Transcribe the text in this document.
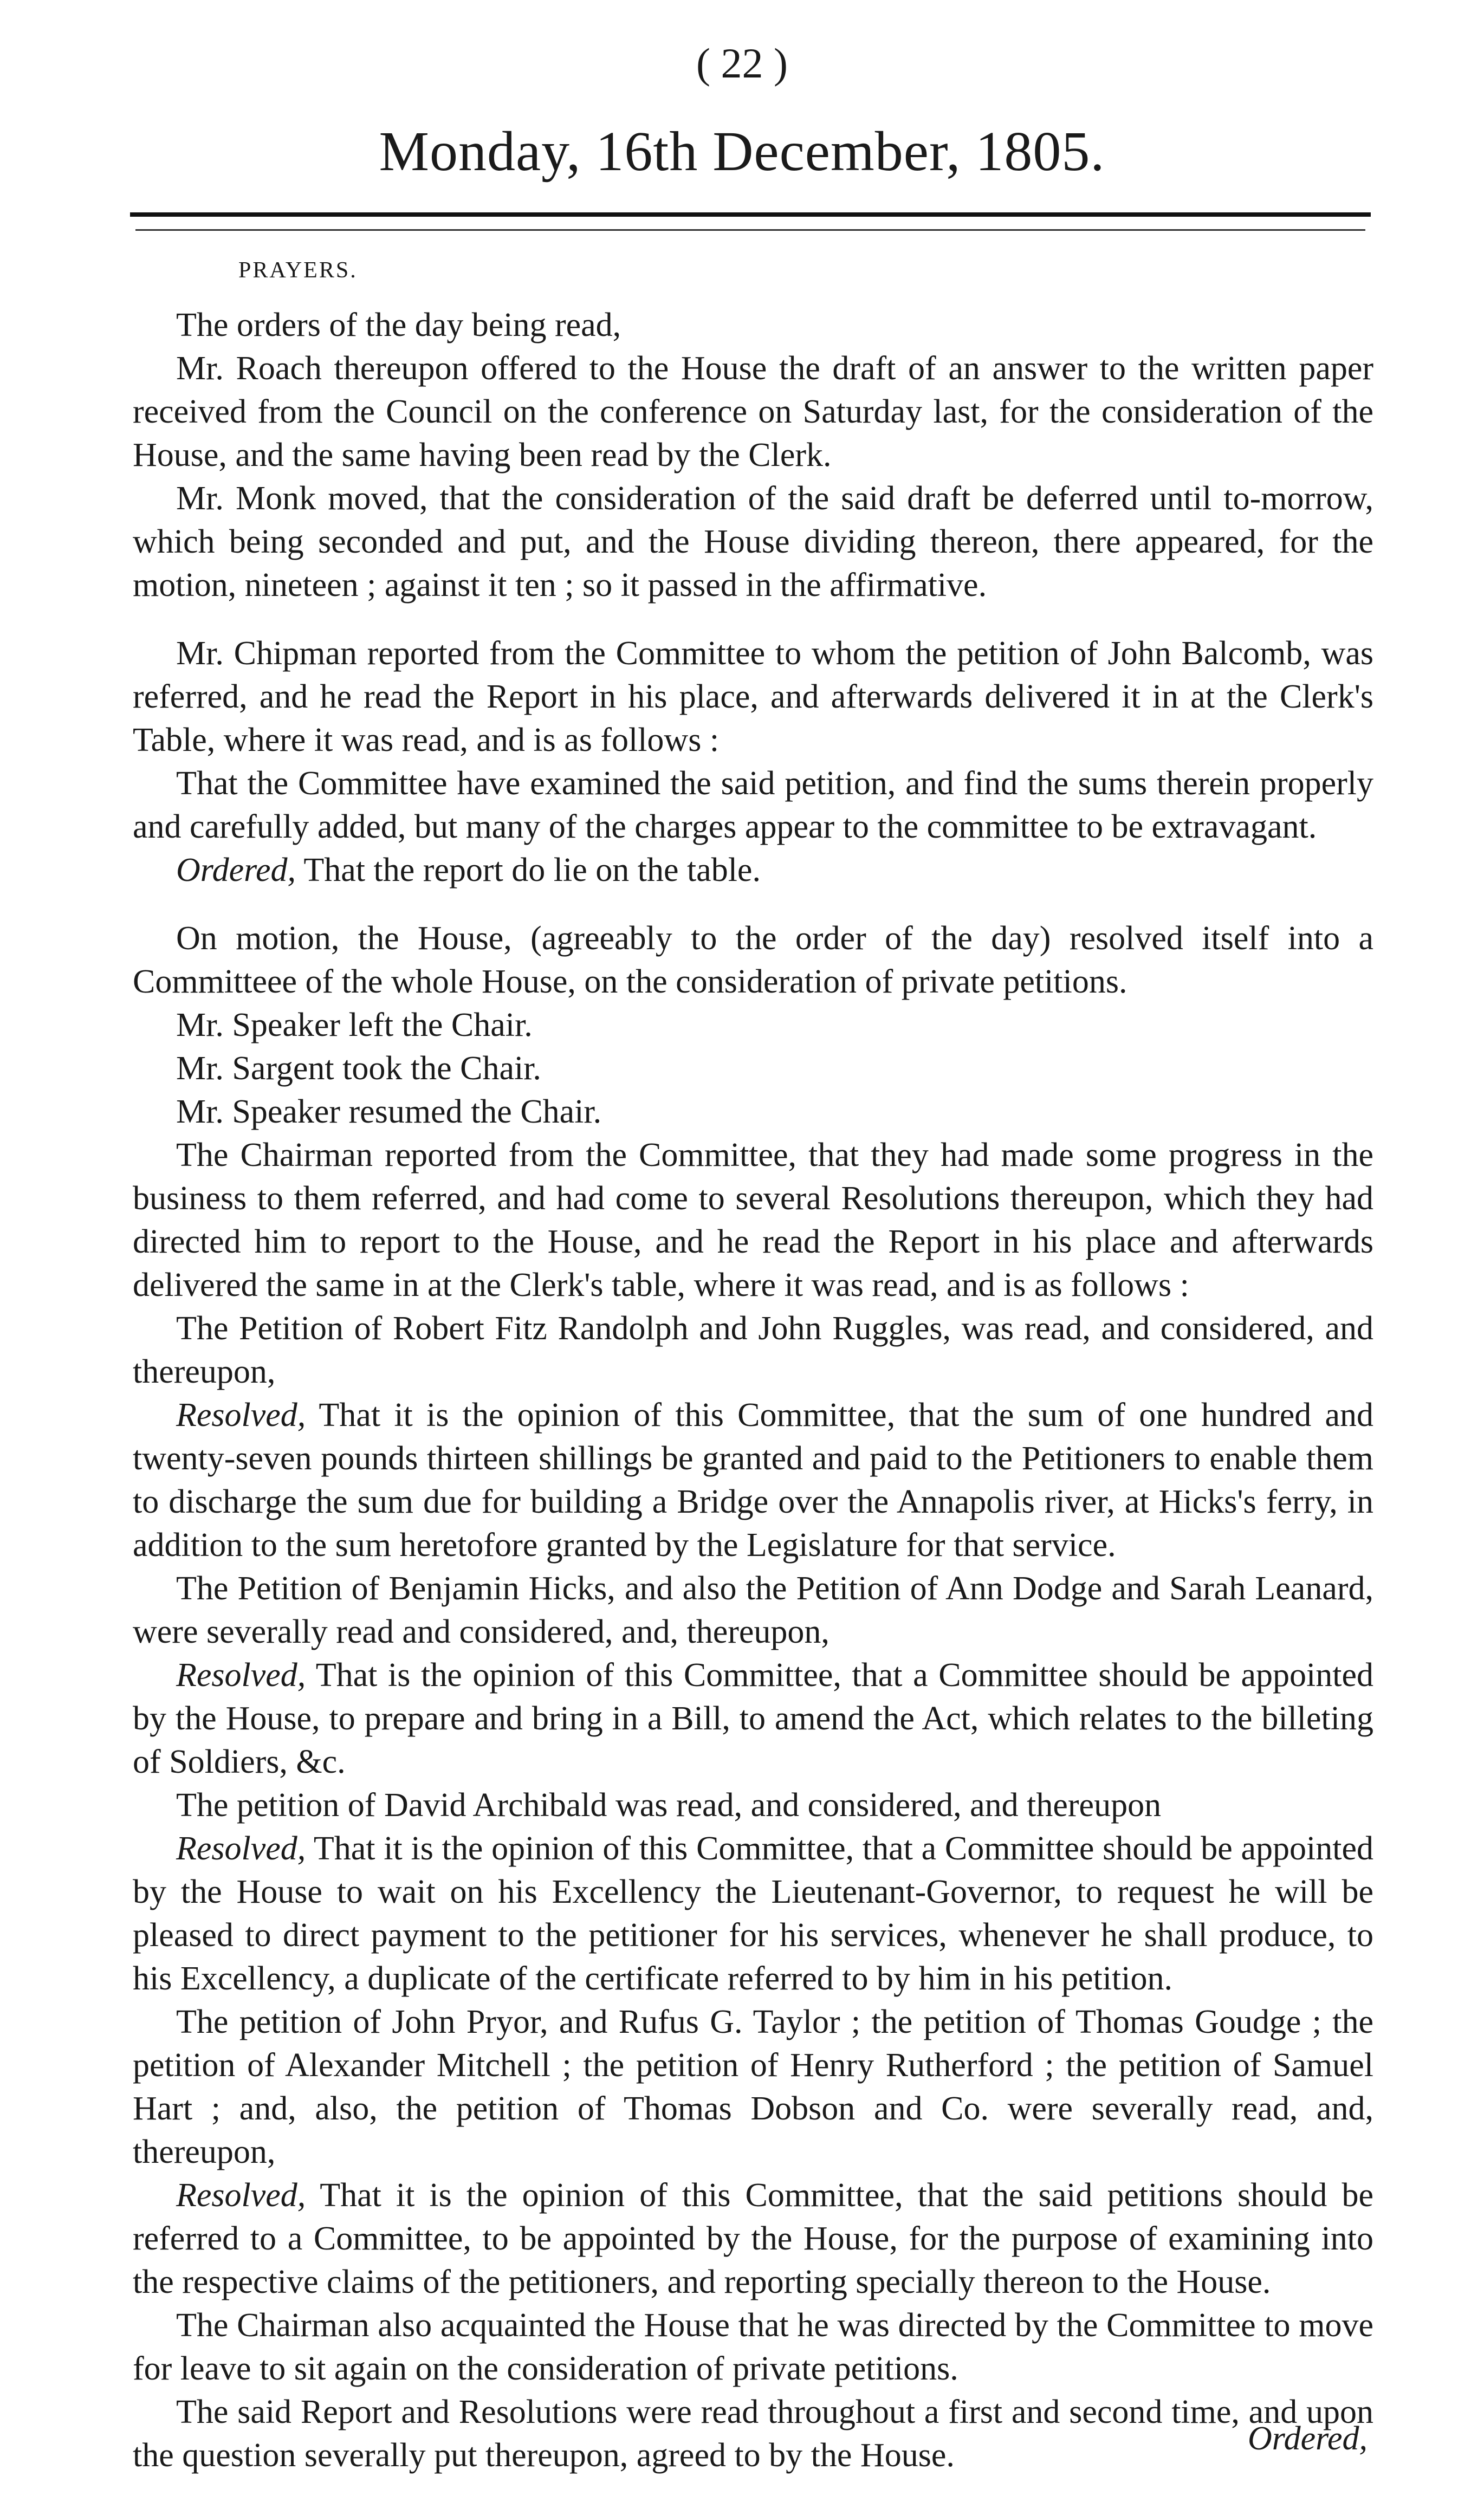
( 22 )
Monday, 16th December, 1805.
PRAYERS.

The orders of the day being read,

Mr. Roach thereupon offered to the House the draft of an answer to the written paper received from the Council on the conference on Saturday last, for the consideration of the House, and the same having been read by the Clerk.

Mr. Monk moved, that the consideration of the said draft be deferred until to-morrow, which being seconded and put, and the House dividing thereon, there appeared, for the motion, nineteen ; against it ten ; so it passed in the affirmative.

Mr. Chipman reported from the Committee to whom the petition of John Balcomb, was referred, and he read the Report in his place, and afterwards delivered it in at the Clerk's Table, where it was read, and is as follows :

That the Committee have examined the said petition, and find the sums therein properly and carefully added, but many of the charges appear to the committee to be extravagant.

Ordered, That the report do lie on the table.

On motion, the House, (agreeably to the order of the day) resolved itself into a Committeee of the whole House, on the consideration of private petitions.

Mr. Speaker left the Chair.

Mr. Sargent took the Chair.

Mr. Speaker resumed the Chair.

The Chairman reported from the Committee, that they had made some progress in the business to them referred, and had come to several Resolutions thereupon, which they had directed him to report to the House, and he read the Report in his place and afterwards delivered the same in at the Clerk's table, where it was read, and is as follows :

The Petition of Robert Fitz Randolph and John Ruggles, was read, and considered, and thereupon,

Resolved, That it is the opinion of this Committee, that the sum of one hundred and twenty-seven pounds thirteen shillings be granted and paid to the Petitioners to enable them to discharge the sum due for building a Bridge over the Annapolis river, at Hicks's ferry, in addition to the sum heretofore granted by the Legislature for that service.

The Petition of Benjamin Hicks, and also the Petition of Ann Dodge and Sarah Leanard, were severally read and considered, and, thereupon,

Resolved, That is the opinion of this Committee, that a Committee should be appointed by the House, to prepare and bring in a Bill, to amend the Act, which relates to the billeting of Soldiers, &c.

The petition of David Archibald was read, and considered, and thereupon

Resolved, That it is the opinion of this Committee, that a Committee should be appointed by the House to wait on his Excellency the Lieutenant-Governor, to request he will be pleased to direct payment to the petitioner for his services, whenever he shall produce, to his Excellency, a duplicate of the certificate referred to by him in his petition.

The petition of John Pryor, and Rufus G. Taylor ; the petition of Thomas Goudge ; the petition of Alexander Mitchell ; the petition of Henry Rutherford ; the petition of Samuel Hart ; and, also, the petition of Thomas Dobson and Co. were severally read, and, thereupon,

Resolved, That it is the opinion of this Committee, that the said petitions should be referred to a Committee, to be appointed by the House, for the purpose of examining into the respective claims of the petitioners, and reporting specially thereon to the House.

The Chairman also acquainted the House that he was directed by the Committee to move for leave to sit again on the consideration of private petitions.

The said Report and Resolutions were read throughout a first and second time, and upon the question severally put thereupon, agreed to by the House.	Ordered,
